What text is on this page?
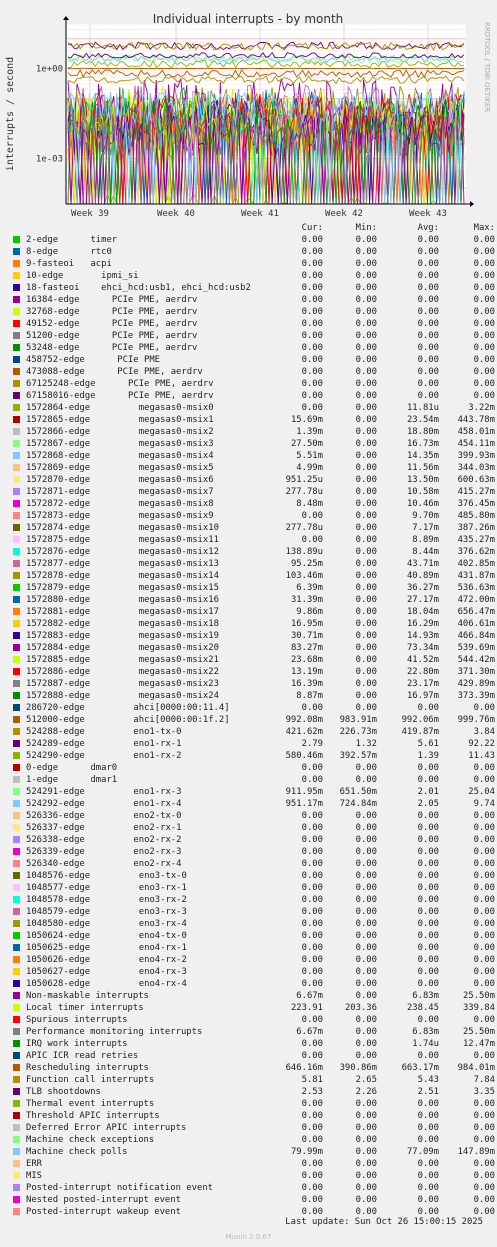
Individual interrupts - by month
interrupts / second	RRDTOOL / TOBI OETIKER
1e+00
1e-03
Week 39	Week 40	Week 41	Week 42	Week 43
Cur:	Min:	Avg:	Max:
2-edge	timer	0.00	0.00	0.00	0.00
8-edge	rtc0	0.00	0.00	0.00	0.00
9-fasteoi acpi	0.00	0.00	0.00	0.00
10-edge	ipmi_si	0.00	0.00	0.00	0.00
18-fasteoi ehci_hcd:usb1, ehci_hcd:usb2	0.00	0.00	0.00	0.00
16384-edge	PCIe PME, aerdrv	0.00	0.00	0.00	0.00
32768-edge	PCIe PME, aerdrv	0.00	0.00	0.00	0.00
49152-edge	PCIe PME, aerdrv	0.00	0.00	0.00	0.00
51200-edge	PCIe PME, aerdrv	0.00	0.00	0.00	0.00
53248-edge	PCIe PME, aerdrv	0.00	0.00	0.00	0.00
458752-edge	PCIe PME	0.00	0.00	0.00	0.00
473088-edge	PCIe PME, aerdrv	0.00	0.00	0.00	0.00
67125248-edge	PCIe PME, aerdrv	0.00	0.00	0.00	0.00
67158016-edge	PCIe PME, aerdrv	0.00	0.00	0.00	0.00
1572864-edge	megasas0-msix0	0.00	0.00	11.81u	3.22m
1572865-edge	megasas0-msix1	15.69m	0.00	23.54m	443.78m
1572866-edge	megasas0-msix2	1.39m	0.00	18.80m	458.01m
1572867-edge	megasas0-msix3	27.50m	0.00	16.73m	454.11m
1572868-edge	megasas0-msix4	5.51m	0.00	14.35m	399.93m
1572869-edge	megasas0-msix5	4.99m	0.00	11.56m	344.03m
1572870-edge	megasas0-msix6	951.25u	0.00	13.50m	600.63m
1572871-edge	megasas0-msix7	277.78u	0.00	10.58m	415.27m
1572872-edge	megasas0-msix8	8.48m	0.00	10.46m	376.45m
1572873-edge	megasas0-msix9	0.00	0.00	9.70m	485.80m
1572874-edge	megasas0-msix10	277.78u	0.00	7.17m	387.26m
1572875-edge	megasas0-msix11	0.00	0.00	8.89m	435.27m
1572876-edge	megasas0-msix12	138.89u	0.00	8.44m	376.62m
1572877-edge	megasas0-msix13	95.25m	0.00	43.71m	402.85m
1572878-edge	megasas0-msix14	103.46m	0.00	40.89m	431.87m
1572879-edge	megasas0-msix15	6.39m	0.00	36.27m	536.63m
1572880-edge	megasas0-msix16	31.39m	0.00	27.17m	472.00m
1572881-edge	megasas0-msix17	9.86m	0.00	18.04m	656.47m
1572882-edge	megasas0-msix18	16.95m	0.00	16.29m	406.61m
1572883-edge	megasas0-msix19	30.71m	0.00	14.93m	466.84m
1572884-edge	megasas0-msix20	83.27m	0.00	73.34m	539.69m
1572885-edge	megasas0-msix21	23.68m	0.00	41.52m	544.42m
1572886-edge	megasas0-msix22	13.19m	0.00	22.80m	371.30m
1572887-edge	megasas0-msix23	16.39m	0.00	23.17m	429.89m
1572888-edge	megasas0-msix24	8.87m	0.00	16.97m	373.39m
286720-edge	ahci[0000:00:11.4]	0.00	0.00	0.00	0.00
512000-edge	ahci[0000:00:1f.2]	992.08m	983.91m	992.06m	999.76m
524288-edge	eno1-tx-0	421.62m	226.73m	419.87m	3.84
524289-edge	eno1-rx-1	2.79	1.32	5.61	92.22
524290-edge	eno1-rx-2	580.46m	392.57m	1.39	11.43
0-edge	dmar0	0.00	0.00	0.00	0.00
1-edge	dmar1	0.00	0.00	0.00	0.00
524291-edge	eno1-rx-3	911.95m	651.50m	2.01	25.04
524292-edge	eno1-rx-4	951.17m	724.84m	2.05	9.74
526336-edge	eno2-tx-0	0.00	0.00	0.00	0.00
526337-edge	eno2-rx-1	0.00	0.00	0.00	0.00
526338-edge	eno2-rx-2	0.00	0.00	0.00	0.00
526339-edge	eno2-rx-3	0.00	0.00	0.00	0.00
526340-edge	eno2-rx-4	0.00	0.00	0.00	0.00
1048576-edge	eno3-tx-0	0.00	0.00	0.00	0.00
1048577-edge	eno3-rx-1	0.00	0.00	0.00	0.00
1048578-edge	eno3-rx-2	0.00	0.00	0.00	0.00
1048579-edge	eno3-rx-3	0.00	0.00	0.00	0.00
1048580-edge	eno3-rx-4	0.00	0.00	0.00	0.00
1050624-edge	eno4-tx-0	0.00	0.00	0.00	0.00
1050625-edge	eno4-rx-1	0.00	0.00	0.00	0.00
1050626-edge	eno4-rx-2	0.00	0.00	0.00	0.00
1050627-edge	eno4-rx-3	0.00	0.00	0.00	0.00
1050628-edge	eno4-rx-4	0.00	0.00	0.00	0.00
Non-maskable interrupts	6.67m	0.00	6.83m	25.50m
Local timer interrupts	223.91	203.36	238.45	339.84
Spurious interrupts	0.00	0.00	0.00	0.00
Performance monitoring interrupts	6.67m	0.00	6.83m	25.50m
IRQ work interrupts	0.00	0.00	1.74u	12.47m
APIC ICR read retries	0.00	0.00	0.00	0.00
Rescheduling interrupts	646.16m	390.86m	663.17m	984.01m
Function call interrupts	5.81	2.65	5.43	7.84
TLB shootdowns	2.53	2.26	2.51	3.35
Thermal event interrupts	0.00	0.00	0.00	0.00
Threshold APIC interrupts	0.00	0.00	0.00	0.00
Deferred Error APIC interrupts	0.00	0.00	0.00	0.00
Machine check exceptions	0.00	0.00	0.00	0.00
Machine check polls	79.99m	0.00	77.09m	147.89m
ERR	0.00	0.00	0.00	0.00
MIS	0.00	0.00	0.00	0.00
Posted-interrupt notification event	0.00	0.00	0.00	0.00
Nested posted-interrupt event	0.00	0.00	0.00	0.00
Posted-interrupt wakeup event	0.00	0.00	0.00	0.00
Last update: Sun Oct 26 15:00:15 2025
Munin 2.0.67
